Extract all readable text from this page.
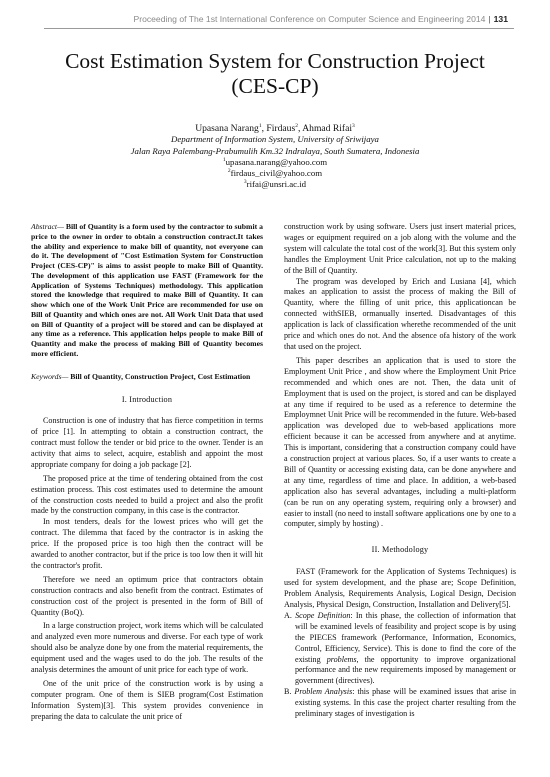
Proceeding of The 1st International Conference on Computer Science and Engineering 2014 | 131
Cost Estimation System for Construction Project
(CES-CP)
Upasana Narang$^1$, Firdaus$^2$, Ahmad Rifai$^3$
Department of Information System, University of Sriwijaya
Jalan Raya Palembang-Prabumulih Km.32 Indralaya, South Sumatera, Indonesia
$^1$upasana.narang@yahoo.com
$^2$firdaus_civil@yahoo.com
$^3$rifai@unsri.ac.id

Abstract— Bill of Quantity is a form used by the contractor to submit a price to the owner in order to obtain a construction contract.It takes the ability and experience to make bill of quantity, not everyone can do it. The development of "Cost Estimation System for Construction Project (CES-CP)" is aims to assist people to make Bill of Quantity. The development of this application use FAST (Framework for the Application of Systems Techniques) methodology. This application stored the knowledge that required to make Bill of Quantity. It can show which one of the Work Unit Price are recommended for use on Bill of Quantity and which ones are not. All Work Unit Data that used on Bill of Quantity of a project will be stored and can be displayed at any time as a reference. This application helps people to make Bill of Quantity and make the process of making Bill of Quantity becomes more efficient.

Keywords— Bill of Quantity, Construction Project, Cost Estimation

I. Introduction

Construction is one of industry that has fierce competition in terms of price [1]. In attempting to obtain a construction contract, the contract must follow the tender or bid price to the owner. Tender is an activity that aims to select, acquire, establish and appoint the most appropriate company for doing a job package [2].

The proposed price at the time of tendering obtained from the cost estimation process. This cost estimates used to determine the amount of the construction costs needed to build a project and also the profit made by the construction company, in this case is the contractor.

In most tenders, deals for the lowest prices who will get the contract. The dilemma that faced by the contractor is in asking the price. If the proposed price is too high then the contract will be awarded to another contractor, but if the price is too low then it will hit the contractor's profit.

Therefore we need an optimum price that contractors obtain construction contracts and also benefit from the contract. Estimates of construction cost of the project is presented in the form of Bill of Quantity (BoQ).

In a large construction project, work items which will be calculated and analyzed even more numerous and diverse. For each type of work should also be analyze done by one from the material requirements, the equipment used and the wages used to do the job. The results of the analysis determines the amount of unit price for each type of work.

One of the unit price of the construction work is by using a computer program. One of them is SIEB program(Cost Estimation Information System)[3]. This system provides convenience in preparing the data to calculate the unit price of

construction work by using software. Users just insert material prices, wages or equipment required on a job along with the volume and the system will calculate the total cost of the work[3]. But this system only handles the Employment Unit Price calculation, not up to the making of the Bill of Quantity.

The program was developed by Erich and Lusiana [4], which makes an application to assist the process of making the Bill of Quantity, where the filling of unit price, this applicationcan be connected withSIEB, ormanually inserted. Disadvantages of this application is lack of classification wherethe recommended of the unit price and which ones do not. And the absence ofa history of the work that used on the project.

This paper describes an application that is used to store the Employment Unit Price , and show where the Employment Unit Price recommended and which ones are not. Then, the data unit of Employment that is used on the project, is stored and can be displayed at any time if required to be used as a reference to determine the Employmnet Unit Price will be recommended in the future. Web-based application was developed due to web-based applications more efficient because it can be accessed from anywhere and at anytime. This is important, considering that a construction company could have a construction project at various places. So, if a user wants to create a Bill of Quantity or accessing existing data, can be done anywhere and at any time, regardless of time and place. In addition, a web-based application also has several advantages, including a multi-platform (can be run on any operating system, requiring only a browser) and easier to install (no need to install software applications one by one to a computer, simply by hosting) .

II. Methodology

FAST (Framework for the Application of Systems Techniques) is used for system development, and the phase are; Scope Definition, Problem Analysis, Requirements Analysis, Logical Design, Decision Analysis, Physical Design, Construction, Installation and Delivery[5].

A. Scope Definition: In this phase, the collection of information that will be examined levels of feasibility and project scope is by using the PIECES framework (Performance, Information, Economics, Control, Efficiency, Service). This is done to find the core of the existing problems, the opportunity to improve organizational performance and the new requirements imposed by management or government (directives).

B. Problem Analysis: this phase will be examined issues that arise in existing systems. In this case the project charter resulting from the preliminary stages of investigation is
